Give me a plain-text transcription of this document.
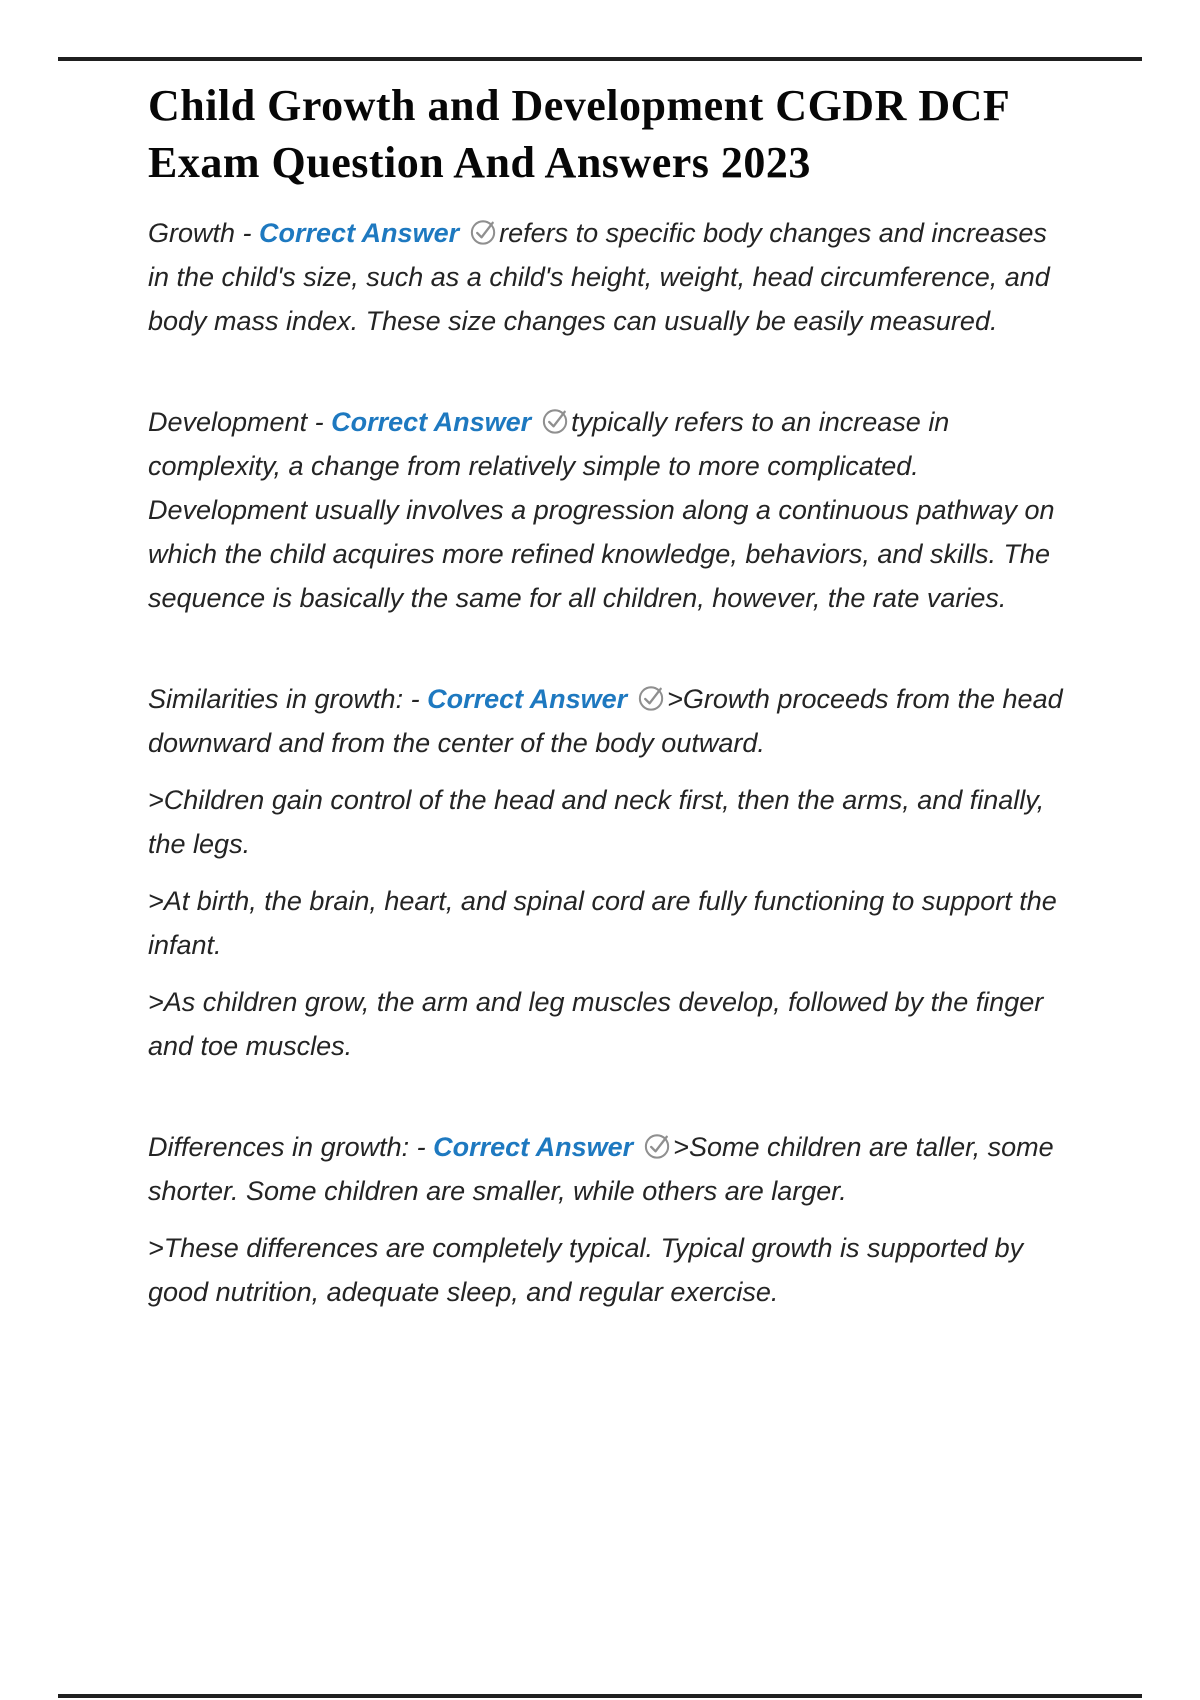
Child Growth and Development CGDR DCF
Exam Question And Answers 2023

Growth - Correct Answer refers to specific body changes and increases in the child's size, such as a child's height, weight, head circumference, and body mass index. These size changes can usually be easily measured.

Development - Correct Answer typically refers to an increase in complexity, a change from relatively simple to more complicated. Development usually involves a progression along a continuous pathway on which the child acquires more refined knowledge, behaviors, and skills. The sequence is basically the same for all children, however, the rate varies.

Similarities in growth: - Correct Answer >Growth proceeds from the head downward and from the center of the body outward.

>Children gain control of the head and neck first, then the arms, and finally, the legs.

>At birth, the brain, heart, and spinal cord are fully functioning to support the infant.

>As children grow, the arm and leg muscles develop, followed by the finger and toe muscles.

Differences in growth: - Correct Answer >Some children are taller, some shorter. Some children are smaller, while others are larger.

>These differences are completely typical. Typical growth is supported by good nutrition, adequate sleep, and regular exercise.
